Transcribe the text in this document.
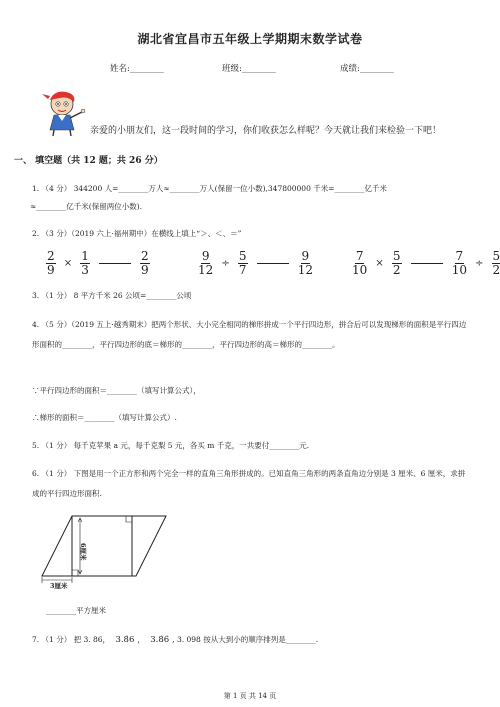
湖北省宜昌市五年级上学期期末数学试卷
姓名:________	班级:________	成绩:________
亲爱的小朋友们，这一段时间的学习，你们收获怎么样呢？今天就让我们来检验一下吧！
一、 填空题（共 12 题；共 26 分）
1. （4 分） 344200 人=________万人≈________万人(保留一位小数),347800000 千米=________亿千米
≈________亿千米(保留两位小数).
2. （3 分）（2019 六上·福州期中）在横线上填上“＞、＜、＝”
$\frac{2}{9} \times \frac{1}{3}$
	$\frac{2}{9}$	$\frac{9}{12} \div \frac{5}{7}$
	$\frac{9}{12}$	$\frac{7}{10} \times \frac{5}{2}$
	$\frac{7}{10} \div \frac{5}{2}$
3. （1 分） 8 平方千米 26 公顷=________公顷
4. （5 分）（2019 五上·越秀期末）把两个形状、大小完全相同的梯形拼成一个平行四边形，拼合后可以发现梯形的面积是平行四边形面积的________，平行四边形的底＝梯形的________，平行四边形的高＝梯形的________。
∵平行四边形的面积＝________（填写计算公式），
∴梯形的面积＝________（填写计算公式）.
5. （1 分） 每千克苹果 a 元，每千克梨 5 元，各买 m 千克，一共要付________元.
6. （1 分） 下图是用一个正方形和两个完全一样的直角三角形拼成的。已知直角三角形的两条直角边分别是 3 厘米、6 厘米，求拼成的平行四边形面积.
6厘米
3厘米
________平方厘米
7. （1 分） 把 3. 86， 3.8̇6 ， 3.8̇6̇ , 3. 098 按从大到小的顺序排列是________.
第 1 页 共 14 页
